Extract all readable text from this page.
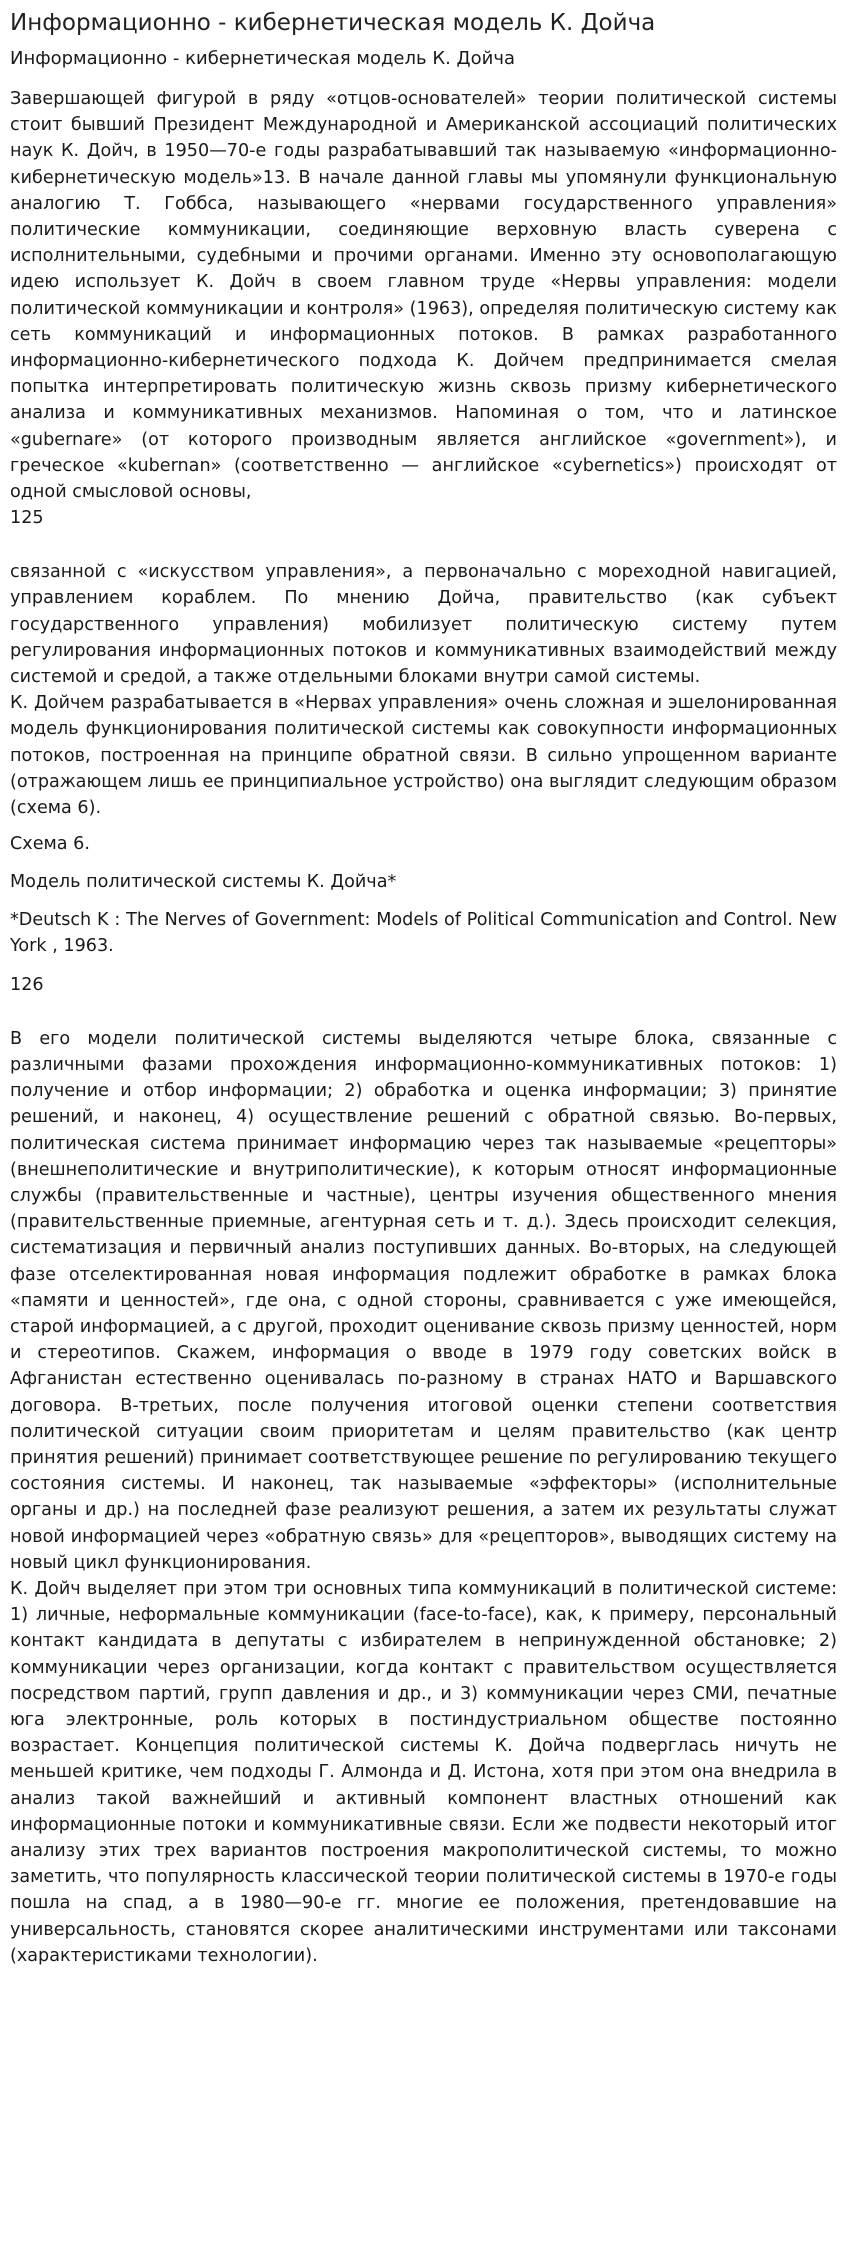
Информационно - кибернетическая модель К. Дойча
Информационно - кибернетическая модель К. Дойча
Завершающей фигурой в ряду «отцов-основателей» теории политической системы стоит бывший Президент Международной и Американской ассоциаций политических наук К. Дойч, в 1950—70-е годы разрабатывавший так называемую «информационно-кибернетическую модель»13. В начале данной главы мы упомянули функциональную аналогию Т. Гоббса, называющего «нервами государственного управления» политические коммуникации, соединяющие верховную власть суверена с исполнительными, судебными и прочими органами. Именно эту основополагающую идею использует К. Дойч в своем главном труде «Нервы управления: модели политической коммуникации и контроля» (1963), определяя политическую систему как сеть коммуникаций и информационных потоков. В рамках разработанного информационно-кибернетического подхода К. Дойчем предпринимается смелая попытка интерпретировать политическую жизнь сквозь призму кибернетического анализа и коммуникативных механизмов. Напоминая о том, что и латинское «gubernare» (от которого производным является английское «government»), и греческое «kubernan» (соответственно — английское «cybernetics») происходят от одной смысловой основы,
125
связанной с «искусством управления», а первоначально с мореходной навигацией, управлением кораблем. По мнению Дойча, правительство (как субъект государственного управления) мобилизует политическую систему путем регулирования информационных потоков и коммуникативных взаимодействий между системой и средой, а также отдельными блоками внутри самой системы.
К. Дойчем разрабатывается в «Нервах управления» очень сложная и эшелонированная модель функционирования политической системы как совокупности информационных потоков, построенная на принципе обратной связи. В сильно упрощенном варианте (отражающем лишь ее принципиальное устройство) она выглядит следующим образом (схема 6).
Схема 6.
Модель политической системы К. Дойча*
*Deutsch K : The Nerves of Government: Models of Political Communication and Control. New York , 1963.
126
В его модели политической системы выделяются четыре блока, связанные с различными фазами прохождения информационно-коммуникативных потоков: 1) получение и отбор информации; 2) обработка и оценка информации; 3) принятие решений, и наконец, 4) осуществление решений с обратной связью. Во-первых, политическая система принимает информацию через так называемые «рецепторы» (внешнеполитические и внутриполитические), к которым относят информационные службы (правительственные и частные), центры изучения общественного мнения (правительственные приемные, агентурная сеть и т. д.). Здесь происходит селекция, систематизация и первичный анализ поступивших данных. Во-вторых, на следующей фазе отселектированная новая информация подлежит обработке в рамках блока «памяти и ценностей», где она, с одной стороны, сравнивается с уже имеющейся, старой информацией, а с другой, проходит оценивание сквозь призму ценностей, норм и стереотипов. Скажем, информация о вводе в 1979 году советских войск в Афганистан естественно оценивалась по-разному в странах НАТО и Варшавского договора. В-третьих, после получения итоговой оценки степени соответствия политической ситуации своим приоритетам и целям правительство (как центр принятия решений) принимает соответствующее решение по регулированию текущего состояния системы. И наконец, так называемые «эффекторы» (исполнительные органы и др.) на последней фазе реализуют решения, а затем их результаты служат новой информацией через «обратную связь» для «рецепторов», выводящих систему на новый цикл функционирования.
К. Дойч выделяет при этом три основных типа коммуникаций в политической системе: 1) личные, неформальные коммуникации (face-to-face), как, к примеру, персональный контакт кандидата в депутаты с избирателем в непринужденной обстановке; 2) коммуникации через организации, когда контакт с правительством осуществляется посредством партий, групп давления и др., и 3) коммуникации через СМИ, печатные юга электронные, роль которых в постиндустриальном обществе постоянно возрастает. Концепция политической системы К. Дойча подверглась ничуть не меньшей критике, чем подходы Г. Алмонда и Д. Истона, хотя при этом она внедрила в анализ такой важнейший и активный компонент властных отношений как информационные потоки и коммуникативные связи. Если же подвести некоторый итог анализу этих трех вариантов построения макрополитической системы, то можно заметить, что популярность классической теории политической системы в 1970-е годы пошла на спад, а в 1980—90-е гг. многие ее положения, претендовавшие на универсальность, становятся скорее аналитическими инструментами или таксонами (характеристиками технологии).
